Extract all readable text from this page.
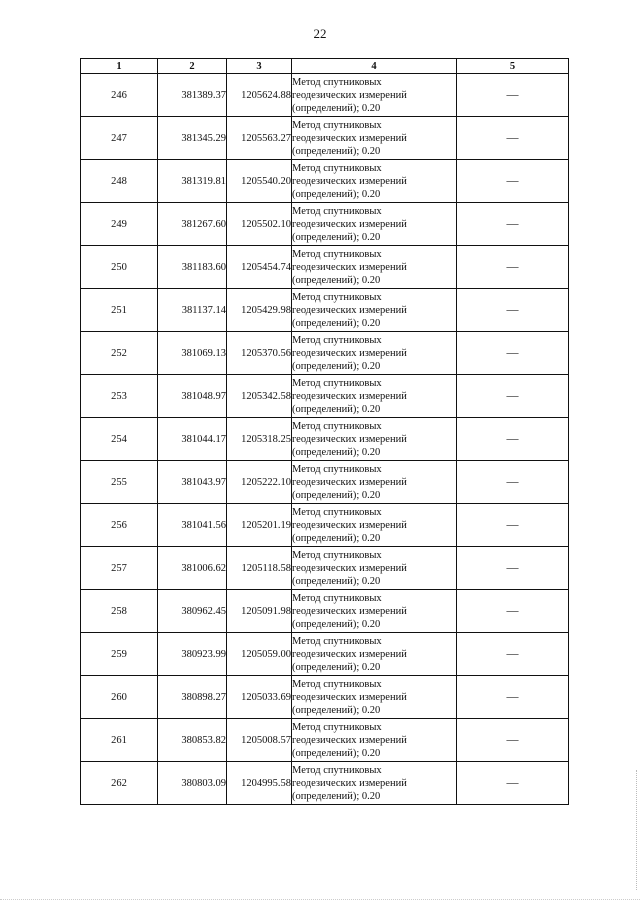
22
1	2	3	4	5
246	381389.37	1205624.88	Метод спутниковых
геодезических измерений
(определений); 0.20	—
247	381345.29	1205563.27	Метод спутниковых
геодезических измерений
(определений); 0.20	—
248	381319.81	1205540.20	Метод спутниковых
геодезических измерений
(определений); 0.20	—
249	381267.60	1205502.10	Метод спутниковых
геодезических измерений
(определений); 0.20	—
250	381183.60	1205454.74	Метод спутниковых
геодезических измерений
(определений); 0.20	—
251	381137.14	1205429.98	Метод спутниковых
геодезических измерений
(определений); 0.20	—
252	381069.13	1205370.56	Метод спутниковых
геодезических измерений
(определений); 0.20	—
253	381048.97	1205342.58	Метод спутниковых
геодезических измерений
(определений); 0.20	—
254	381044.17	1205318.25	Метод спутниковых
геодезических измерений
(определений); 0.20	—
255	381043.97	1205222.10	Метод спутниковых
геодезических измерений
(определений); 0.20	—
256	381041.56	1205201.19	Метод спутниковых
геодезических измерений
(определений); 0.20	—
257	381006.62	1205118.58	Метод спутниковых
геодезических измерений
(определений); 0.20	—
258	380962.45	1205091.98	Метод спутниковых
геодезических измерений
(определений); 0.20	—
259	380923.99	1205059.00	Метод спутниковых
геодезических измерений
(определений); 0.20	—
260	380898.27	1205033.69	Метод спутниковых
геодезических измерений
(определений); 0.20	—
261	380853.82	1205008.57	Метод спутниковых
геодезических измерений
(определений); 0.20	—
262	380803.09	1204995.58	Метод спутниковых
геодезических измерений
(определений); 0.20	—
